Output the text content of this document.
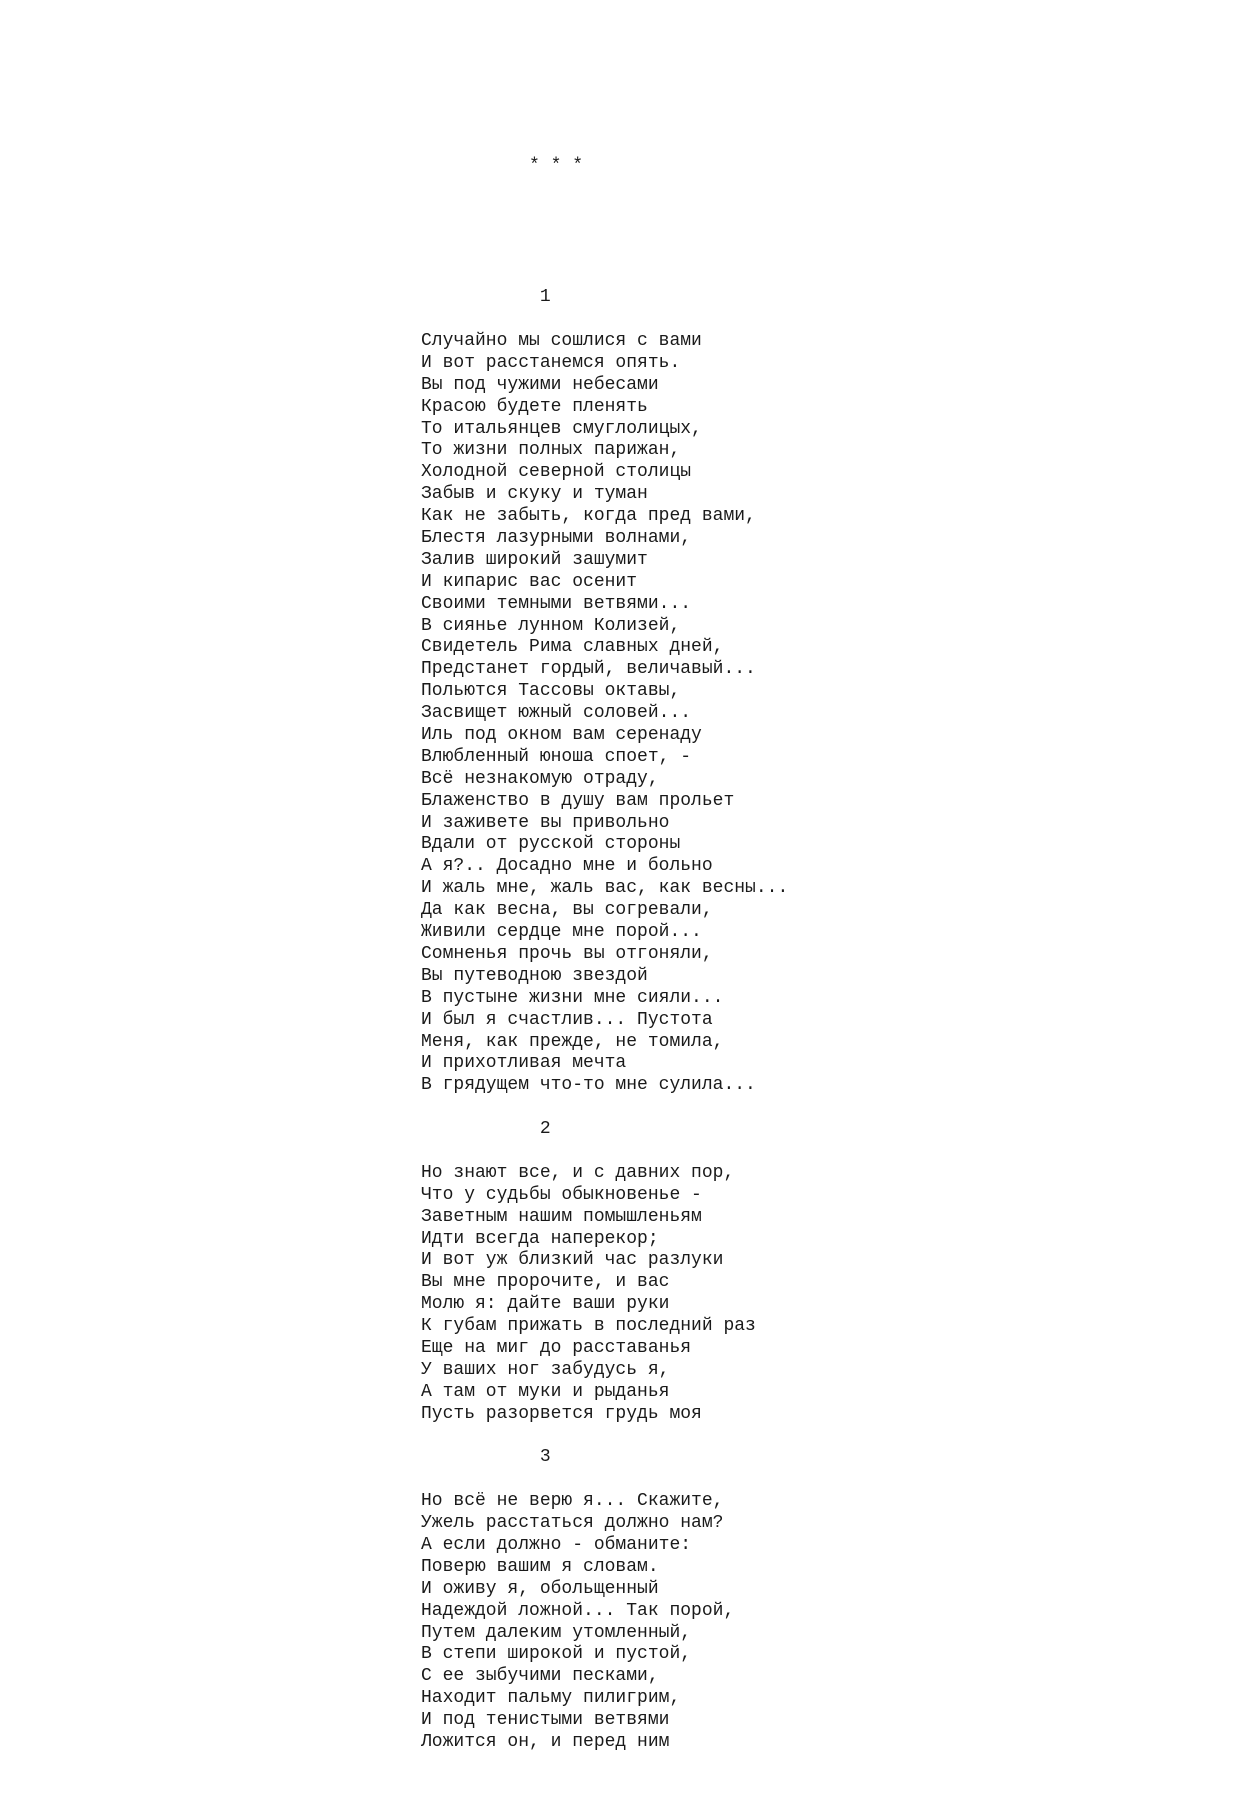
* * *

1
Случайно мы сошлися с вами
И вот расстанемся опять.
Вы под чужими небесами
Красою будете пленять
То итальянцев смуглолицых,
То жизни полных парижан,
Холодной северной столицы
Забыв и скуку и туман
Как не забыть, когда пред вами,
Блестя лазурными волнами,
Залив широкий зашумит
И кипарис вас осенит
Своими темными ветвями...
В сиянье лунном Колизей,
Свидетель Рима славных дней,
Предстанет гордый, величавый...
Польются Тассовы октавы,
Засвищет южный соловей...
Иль под окном вам серенаду
Влюбленный юноша споет, -
Всё незнакомую отраду,
Блаженство в душу вам прольет
И заживете вы привольно
Вдали от русской стороны
А я?.. Досадно мне и больно
И жаль мне, жаль вас, как весны...
Да как весна, вы согревали,
Живили сердце мне порой...
Сомненья прочь вы отгоняли,
Вы путеводною звездой
В пустыне жизни мне сияли...
И был я счастлив... Пустота
Меня, как прежде, не томила,
И прихотливая мечта
В грядущем что-то мне сулила...
2
Но знают все, и с давних пор,
Что у судьбы обыкновенье -
Заветным нашим помышленьям
Идти всегда наперекор;
И вот уж близкий час разлуки
Вы мне пророчите, и вас
Молю я: дайте ваши руки
К губам прижать в последний раз
Еще на миг до расставанья
У ваших ног забудусь я,
А там от муки и рыданья
Пусть разорвется грудь моя
3
Но всё не верю я... Скажите,
Ужель расстаться должно нам?
А если должно - обманите:
Поверю вашим я словам.
И оживу я, обольщенный
Надеждой ложной... Так порой,
Путем далеким утомленный,
В степи широкой и пустой,
С ее зыбучими песками,
Находит пальму пилигрим,
И под тенистыми ветвями
Ложится он, и перед ним
